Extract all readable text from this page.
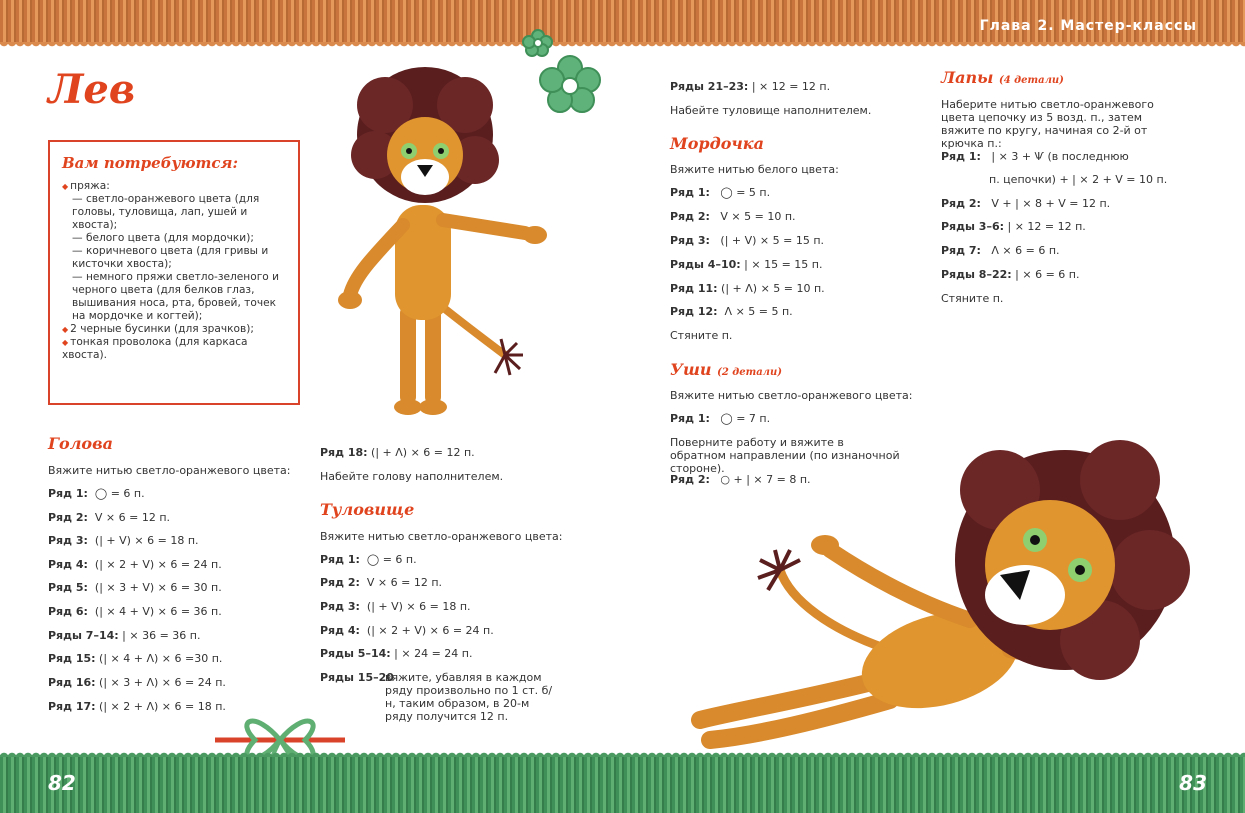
Глава 2. Мастер-классы
Лев
Вам потребуются:
◆ пряжа:
— светло-оранжевого цвета (для головы, туловища, лап, ушей и хвоста);
— белого цвета (для мордочки);
— коричневого цвета (для гривы и кисточки хвоста);
— немного пряжи светло-зеленого и черного цвета (для белков глаз, вышивания носа, рта, бровей, точек на мордочке и когтей);
◆ 2 черные бусинки (для зрачков);
◆ тонкая проволока (для каркаса хвоста).
Голова

Вяжите нитью светло-оранжевого цвета:

Ряд 1: ◯ = 6 п.

Ряд 2: V × 6 = 12 п.

Ряд 3: (| + V) × 6 = 18 п.

Ряд 4: (| × 2 + V) × 6 = 24 п.

Ряд 5: (| × 3 + V) × 6 = 30 п.

Ряд 6: (| × 4 + V) × 6 = 36 п.

Ряды 7–14: | × 36 = 36 п.

Ряд 15: (| × 4 + Λ) × 6 =30 п.

Ряд 16: (| × 3 + Λ) × 6 = 24 п.

Ряд 17: (| × 2 + Λ) × 6 = 18 п.

Ряд 18: (| + Λ) × 6 = 12 п.

Набейте голову наполнителем.

Туловище

Вяжите нитью светло-оранжевого цвета:

Ряд 1: ◯ = 6 п.

Ряд 2: V × 6 = 12 п.

Ряд 3: (| + V) × 6 = 18 п.

Ряд 4: (| × 2 + V) × 6 = 24 п.

Ряды 5–14: | × 24 = 24 п.

Ряды 15–20

вяжите, убавляя в каждом ряду произвольно по 1 ст. б/н, таким образом, в 20-м ряду получится 12 п.

Ряды 21–23: | × 12 = 12 п.

Набейте туловище наполнителем.

Мордочка

Вяжите нитью белого цвета:

Ряд 1: ◯ = 5 п.

Ряд 2: V × 5 = 10 п.

Ряд 3: (| + V) × 5 = 15 п.

Ряды 4–10: | × 15 = 15 п.

Ряд 11: (| + Λ) × 5 = 10 п.

Ряд 12: Λ × 5 = 5 п.

Стяните п.

Уши (2 детали)

Вяжите нитью светло-оранжевого цвета:

Ряд 1: ◯ = 7 п.

Поверните работу и вяжите в обратном направлении (по изнаночной стороне).

Ряд 2: ○ + | × 7 = 8 п.

Лапы (4 детали)

Наберите нитью светло-оранжевого цвета цепочку из 5 возд. п., затем вяжите по кругу, начиная со 2-й от крючка п.:

Ряд 1: | × 3 + Ѱ (в последнюю

п. цепочки) + | × 2 + V = 10 п.

Ряд 2: V + | × 8 + V = 12 п.

Ряды 3–6: | × 12 = 12 п.

Ряд 7: Λ × 6 = 6 п.

Ряды 8–22: | × 6 = 6 п.

Стяните п.

82	83
